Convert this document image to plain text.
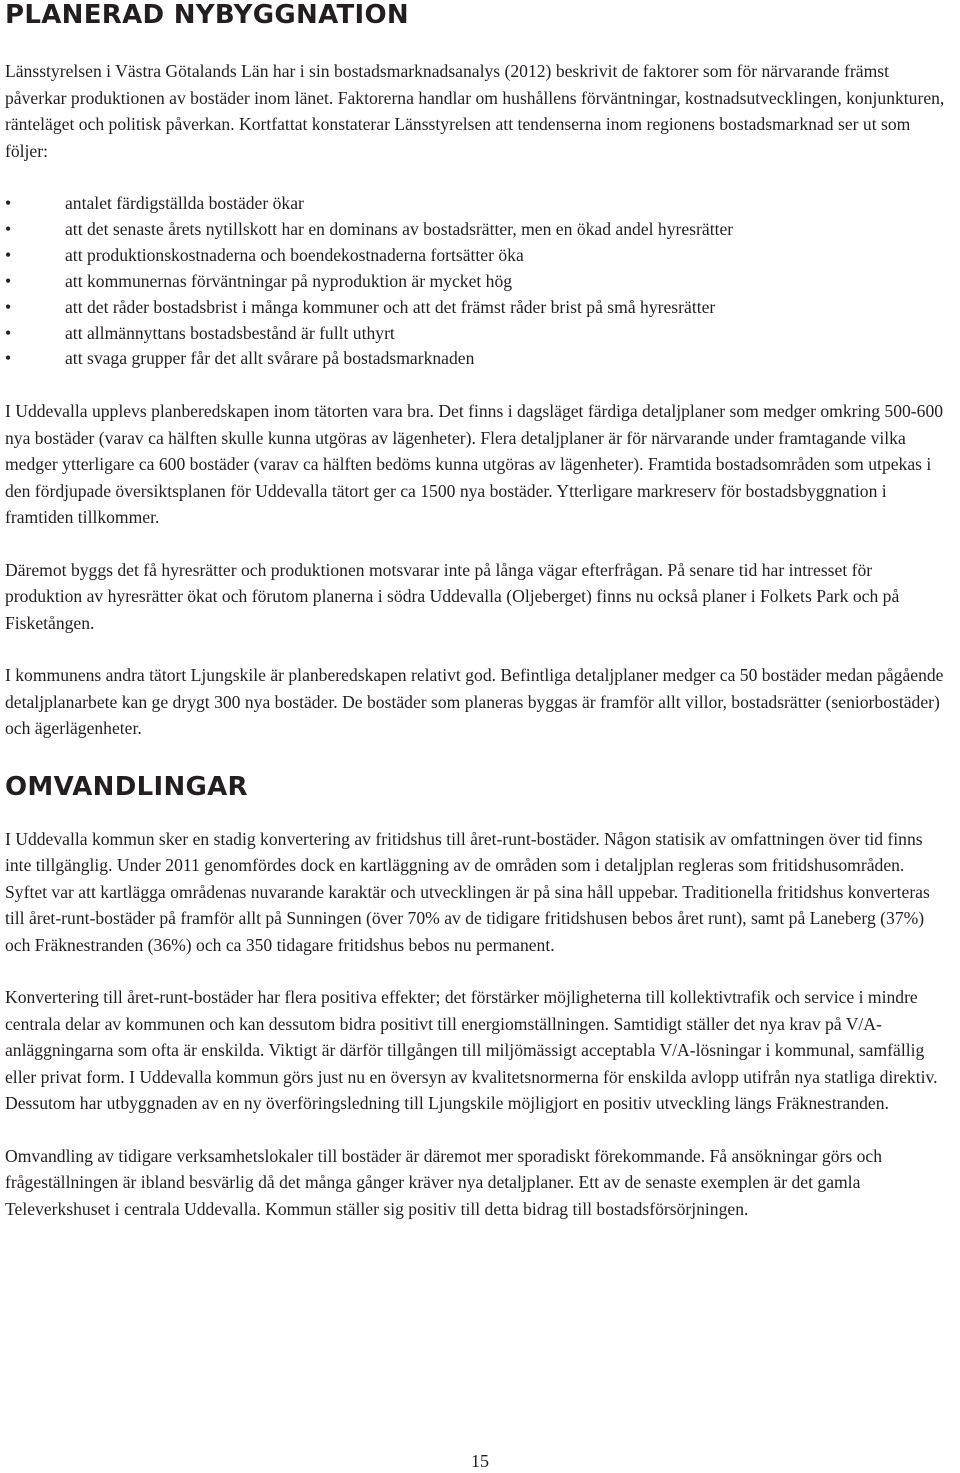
PLANERAD NYBYGGNATION

Länsstyrelsen i Västra Götalands Län har i sin bostadsmarknadsanalys (2012) beskrivit de faktorer som för närvarande främst påverkar produktionen av bostäder inom länet. Faktorerna handlar om hushållens förväntningar, kostnadsutvecklingen, konjunkturen, ränteläget och politisk påverkan. Kortfattat konstaterar Länsstyrelsen att tendenserna inom regionens bostadsmarknad ser ut som följer:

•	antalet färdigställda bostäder ökar
•	att det senaste årets nytillskott har en dominans av bostadsrätter, men en ökad andel hyresrätter
•	att produktionskostnaderna och boendekostnaderna fortsätter öka
•	att kommunernas förväntningar på nyproduktion är mycket hög
•	att det råder bostadsbrist i många kommuner och att det främst råder brist på små hyresrätter
•	att allmännyttans bostadsbestånd är fullt uthyrt
•	att svaga grupper får det allt svårare på bostadsmarknaden

I Uddevalla upplevs planberedskapen inom tätorten vara bra. Det finns i dagsläget färdiga detaljplaner som medger omkring 500-600 nya bostäder (varav ca hälften skulle kunna utgöras av lägenheter). Flera detaljplaner är för närvarande under framtagande vilka medger ytterligare ca 600 bostäder (varav ca hälften bedöms kunna utgöras av lägenheter). Framtida bostadsområden som utpekas i den fördjupade översiktsplanen för Uddevalla tätort ger ca 1500 nya bostäder. Ytterligare markreserv för bostadsbyggnation i framtiden tillkommer.

Däremot byggs det få hyresrätter och produktionen motsvarar inte på långa vägar efterfrågan. På senare tid har intresset för produktion av hyresrätter ökat och förutom planerna i södra Uddevalla (Oljeberget) finns nu också planer i Folkets Park och på Fisketången.

I kommunens andra tätort Ljungskile är planberedskapen relativt god. Befintliga detaljplaner medger ca 50 bostäder medan pågående detaljplanarbete kan ge drygt 300 nya bostäder. De bostäder som planeras byggas är framför allt villor, bostadsrätter (seniorbostäder) och ägerlägenheter.

OMVANDLINGAR

I Uddevalla kommun sker en stadig konvertering av fritidshus till året-runt-bostäder. Någon statisik av omfattningen över tid finns inte tillgänglig. Under 2011 genomfördes dock en kartläggning av de områden som i detaljplan regleras som fritidshusområden. Syftet var att kartlägga områdenas nuvarande karaktär och utvecklingen är på sina håll uppebar. Traditionella fritidshus konverteras till året-runt-bostäder på framför allt på Sunningen (över 70% av de tidigare fritidshusen bebos året runt), samt på Laneberg (37%) och Fräknestranden (36%) och ca 350 tidagare fritidshus bebos nu permanent.

Konvertering till året-runt-bostäder har flera positiva effekter; det förstärker möjligheterna till kollektivtrafik och service i mindre centrala delar av kommunen och kan dessutom bidra positivt till energiomställningen. Samtidigt ställer det nya krav på V/A-anläggningarna som ofta är enskilda. Viktigt är därför tillgången till miljömässigt acceptabla V/A-lösningar i kommunal, samfällig eller privat form. I Uddevalla kommun görs just nu en översyn av kvalitetsnormerna för enskilda avlopp utifrån nya statliga direktiv. Dessutom har utbyggnaden av en ny överföringsledning till Ljungskile möjligjort en positiv utveckling längs Fräknestranden.

Omvandling av tidigare verksamhetslokaler till bostäder är däremot mer sporadiskt förekommande. Få ansökningar görs och frågeställningen är ibland besvärlig då det många gånger kräver nya detaljplaner. Ett av de senaste exemplen är det gamla Televerkshuset i centrala Uddevalla. Kommun ställer sig positiv till detta bidrag till bostadsförsörjningen.

15
